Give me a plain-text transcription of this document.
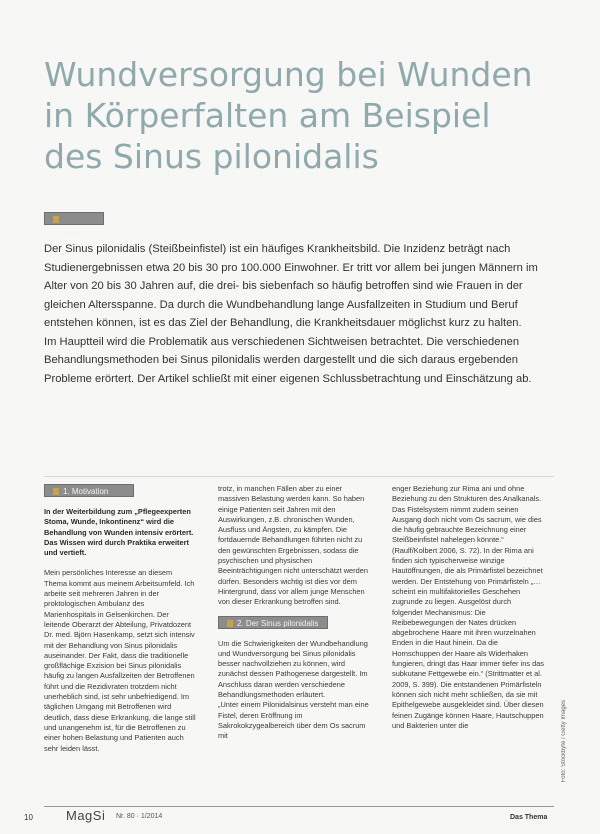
Wundversorgung bei Wunden
in Körperfalten am Beispiel
des Sinus pilonidalis
Einleitung

Der Sinus pilonidalis (Steißbeinfistel) ist ein häufiges Krankheitsbild. Die Inzidenz beträgt nach Studienergebnissen etwa 20 bis 30 pro 100.000 Einwohner. Er tritt vor allem bei jungen Männern im Alter von 20 bis 30 Jahren auf, die drei- bis siebenfach so häufig betroffen sind wie Frauen in der gleichen Altersspanne. Da durch die Wundbehandlung lange Ausfallzeiten in Studium und Beruf entstehen können, ist es das Ziel der Behandlung, die Krankheitsdauer möglichst kurz zu halten.

Im Hauptteil wird die Problematik aus verschiedenen Sichtweisen betrachtet. Die verschiedenen Behandlungsmethoden bei Sinus pilonidalis werden dargestellt und die sich daraus ergebenden Probleme erörtert. Der Artikel schließt mit einer eigenen Schlussbetrachtung und Einschätzung ab.

1. Motivation

In der Weiterbildung zum „Pflegeexperten Stoma, Wunde, Inkontinenz“ wird die Behandlung von Wunden intensiv erörtert. Das Wissen wird durch Praktika erweitert und vertieft.

Mein persönliches Interesse an diesem Thema kommt aus meinem Arbeitsumfeld. Ich arbeite seit mehreren Jahren in der proktologischen Ambulanz des Marienhospitals in Gelsenkirchen. Der leitende Oberarzt der Abteilung, Privatdozent Dr. med. Björn Hasenkamp, setzt sich intensiv mit der Behandlung von Sinus pilonidalis auseinander. Der Fakt, dass die traditionelle großflächige Exzision bei Sinus pilonidalis häufig zu langen Ausfallzeiten der Betroffenen führt und die Rezidivraten trotzdem nicht unerheblich sind, ist sehr unbefriedigend. Im täglichen Umgang mit Betroffenen wird deutlich, dass diese Erkrankung, die lange still und unangenehm ist, für die Betroffenen zu einer hohen Belastung und Patienten auch sehr leiden lässt.

trotz, in manchen Fällen aber zu einer massiven Belastung werden kann. So haben einige Patienten seit Jahren mit den Auswirkungen, z.B. chronischen Wunden, Ausfluss und Ängsten, zu kämpfen. Die fortdauernde Behandlungen führten nicht zu den gewünschten Ergebnissen, sodass die psychischen und physischen Beeinträchtigungen nicht unterschätzt werden dürfen. Besonders wichtig ist dies vor dem Hintergrund, dass vor allem junge Menschen von dieser Erkrankung betroffen sind.

2. Der Sinus pilonidalis

Um die Schwierigkeiten der Wundbehandlung und Wundversorgung bei Sinus pilonidalis besser nachvollziehen zu können, wird zunächst dessen Pathogenese dargestellt. Im Anschluss daran werden verschiedene Behandlungsmethoden erläutert.

„Unter einem Pilonidalsinus versteht man eine Fistel, deren Eröffnung im Sakrokokzygealbereich über dem Os sacrum mit

enger Beziehung zur Rima ani und ohne Beziehung zu den Strukturen des Analkanals. Das Fistelsystem nimmt zudem seinen Ausgang doch nicht vom Os sacrum, wie dies die häufig gebrauchte Bezeichnung einer Steißbeinfistel nahelegen könnte.“ (Raulf/Kolbert 2006, S. 72). In der Rima ani finden sich typischerweise winzige Hautöffnungen, die als Primärfistel bezeichnet werden. Der Entstehung von Primärfisteln „… scheint ein multifaktorielles Geschehen zugrunde zu liegen. Ausgelöst durch folgender Mechanismus: Die Reibebewegungen der Nates drücken abgebrochene Haare mit ihren wurzelnahen Enden in die Haut hinein. Da die Hornschuppen der Haare als Widerhaken fungieren, dringt das Haar immer tiefer ins das subkutane Fettgewebe ein.“ (Strittmatter et al. 2009, S. 399). Die entstandenen Primärfisteln können sich nicht mehr schließen, da sie mit Epithelgewebe ausgekleidet sind. Über diesen feinen Zugänge können Haare, Hautschuppen und Bakterien unter die	Foto: Stockbyte / Getty Images
10	MagSi Nr. 80 · 1/2014	Das Thema
